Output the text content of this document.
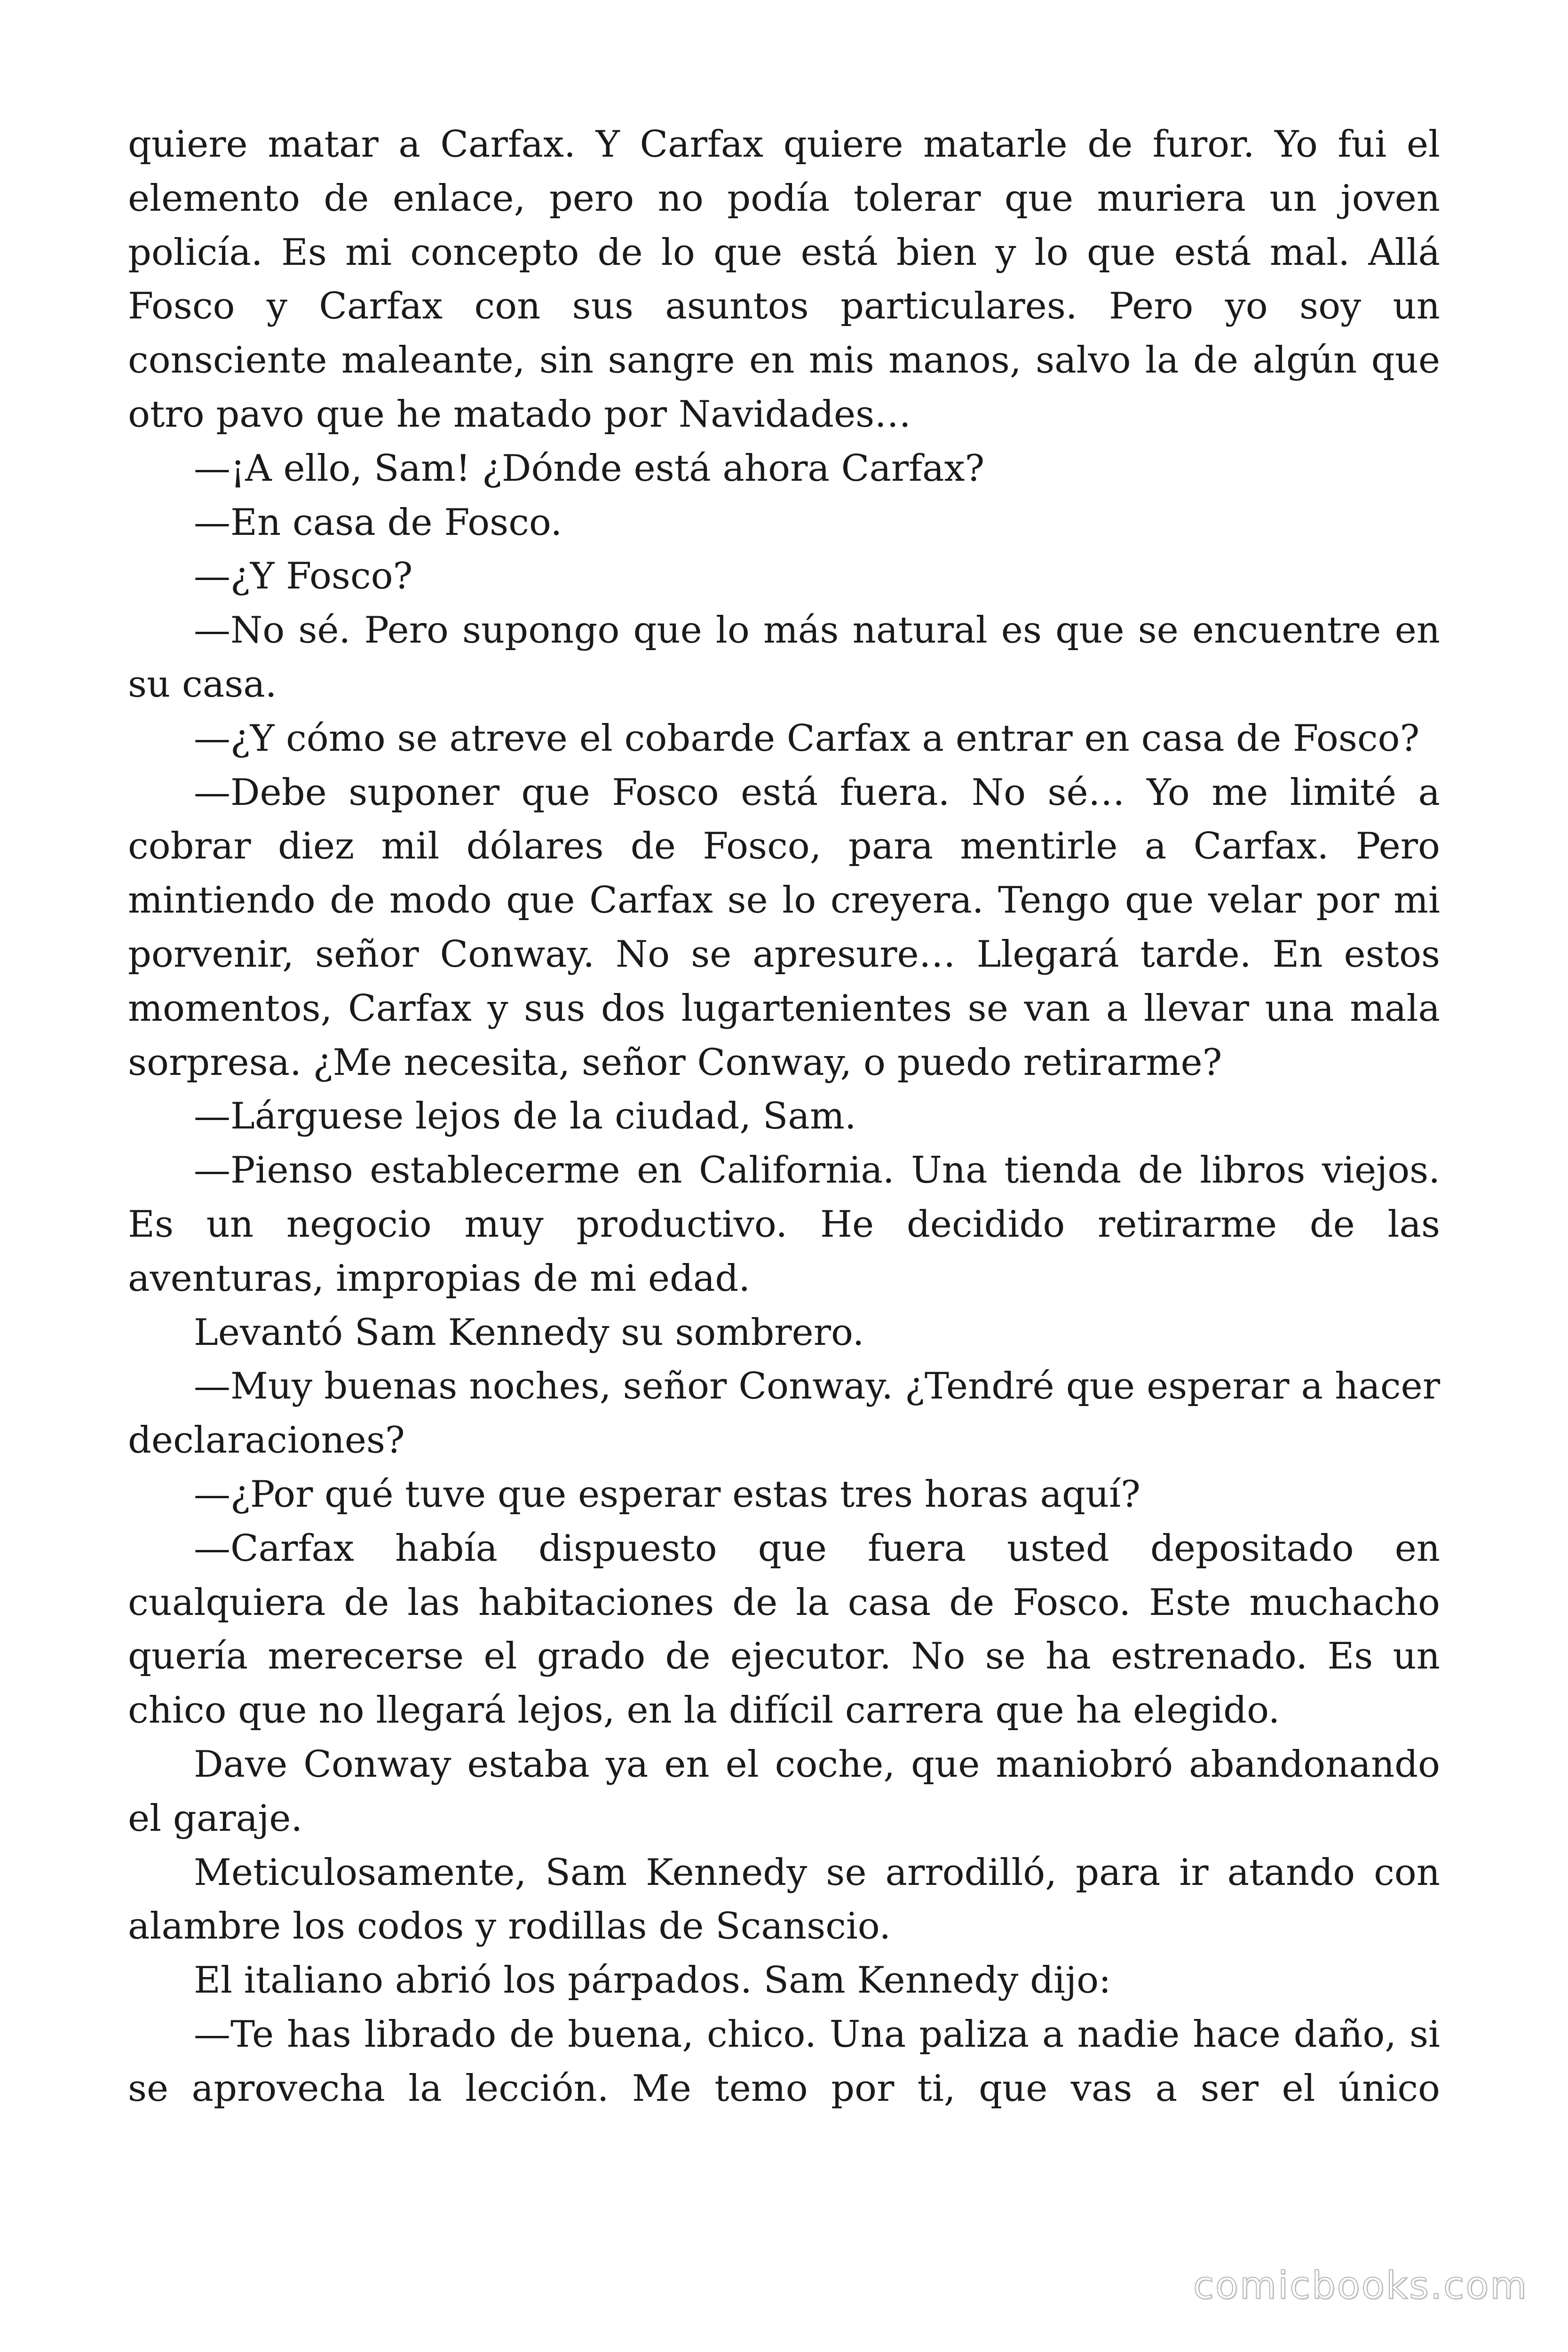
quiere matar a Carfax. Y Carfax quiere matarle de furor. Yo fui el elemento de enlace, pero no podía tolerar que muriera un joven policía. Es mi concepto de lo que está bien y lo que está mal. Allá Fosco y Carfax con sus asuntos particulares. Pero yo soy un consciente maleante, sin sangre en mis manos, salvo la de algún que otro pavo que he matado por Navidades…

—¡A ello, Sam! ¿Dónde está ahora Carfax?

—En casa de Fosco.

—¿Y Fosco?

—No sé. Pero supongo que lo más natural es que se encuentre en su casa.

—¿Y cómo se atreve el cobarde Carfax a entrar en casa de Fosco?

—Debe suponer que Fosco está fuera. No sé… Yo me limité a cobrar diez mil dólares de Fosco, para mentirle a Carfax. Pero mintiendo de modo que Carfax se lo creyera. Tengo que velar por mi porvenir, señor Conway. No se apresure… Llegará tarde. En estos momentos, Carfax y sus dos lugartenientes se van a llevar una mala sorpresa. ¿Me necesita, señor Conway, o puedo retirarme?

—Lárguese lejos de la ciudad, Sam.

—Pienso establecerme en California. Una tienda de libros viejos. Es un negocio muy productivo. He decidido retirarme de las aventuras, impropias de mi edad.

Levantó Sam Kennedy su sombrero.

—Muy buenas noches, señor Conway. ¿Tendré que esperar a hacer declaraciones?

—¿Por qué tuve que esperar estas tres horas aquí?

—Carfax había dispuesto que fuera usted depositado en cualquiera de las habitaciones de la casa de Fosco. Este muchacho quería merecerse el grado de ejecutor. No se ha estrenado. Es un chico que no llegará lejos, en la difícil carrera que ha elegido.

Dave Conway estaba ya en el coche, que maniobró abandonando el garaje.

Meticulosamente, Sam Kennedy se arrodilló, para ir atando con alambre los codos y rodillas de Scanscio.

El italiano abrió los párpados. Sam Kennedy dijo:

—Te has librado de buena, chico. Una paliza a nadie hace daño, si se aprovecha la lección. Me temo por ti, que vas a ser el único

comicbooks.com
